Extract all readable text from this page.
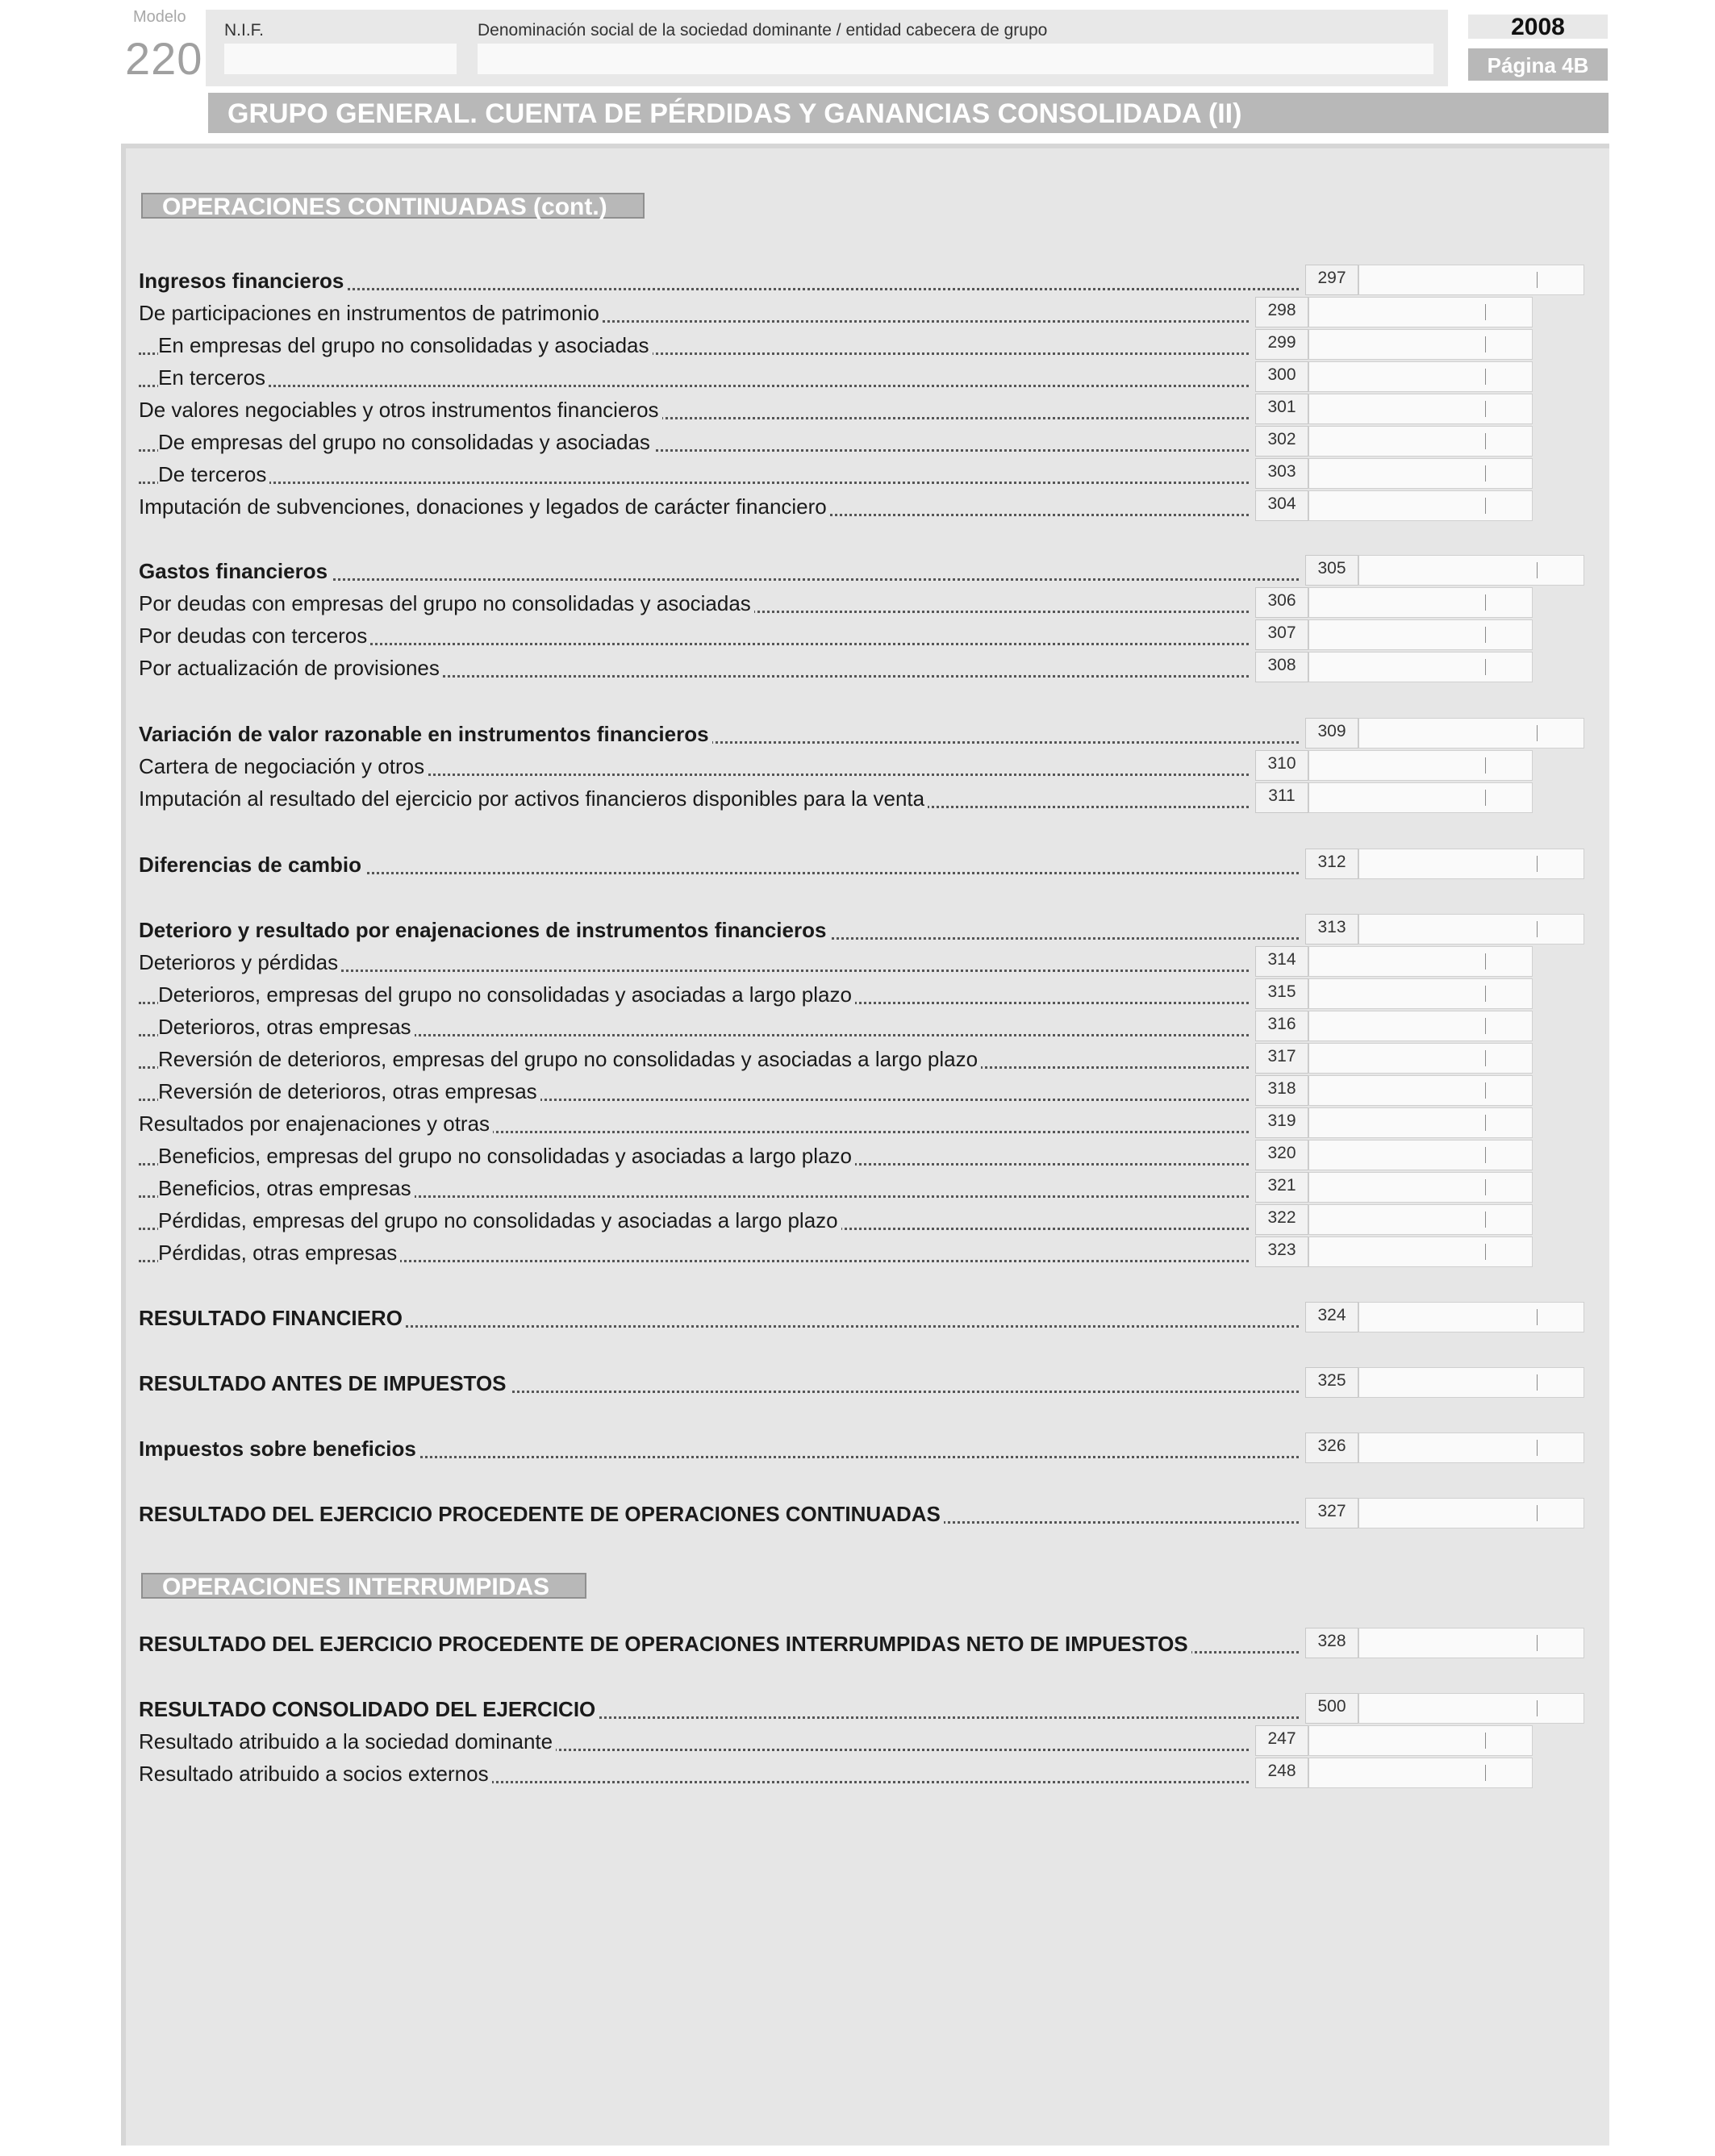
Modelo
220
N.I.F.	Denominación social de la sociedad dominante / entidad cabecera de grupo	2008
Página 4B
GRUPO GENERAL. CUENTA DE PÉRDIDAS Y GANANCIAS CONSOLIDADA (II)
OPERACIONES CONTINUADAS (cont.)
OPERACIONES INTERRUMPIDAS
Ingresos financieros	297
De participaciones en instrumentos de patrimonio	298
En empresas del grupo no consolidadas y asociadas	299
En terceros	300
De valores negociables y otros instrumentos financieros	301
De empresas del grupo no consolidadas y asociadas	302
De terceros	303
Imputación de subvenciones, donaciones y legados de carácter financiero	304
Gastos financieros	305
Por deudas con empresas del grupo no consolidadas y asociadas	306
Por deudas con terceros	307
Por actualización de provisiones	308
Variación de valor razonable en instrumentos financieros	309
Cartera de negociación y otros	310
Imputación al resultado del ejercicio por activos financieros disponibles para la venta	311
Diferencias de cambio	312
Deterioro y resultado por enajenaciones de instrumentos financieros	313
Deterioros y pérdidas	314
Deterioros, empresas del grupo no consolidadas y asociadas a largo plazo	315
Deterioros, otras empresas	316
Reversión de deterioros, empresas del grupo no consolidadas y asociadas a largo plazo	317
Reversión de deterioros, otras empresas	318
Resultados por enajenaciones y otras	319
Beneficios, empresas del grupo no consolidadas y asociadas a largo plazo	320
Beneficios, otras empresas	321
Pérdidas, empresas del grupo no consolidadas y asociadas a largo plazo	322
Pérdidas, otras empresas	323
RESULTADO FINANCIERO	324
RESULTADO ANTES DE IMPUESTOS	325
Impuestos sobre beneficios	326
RESULTADO DEL EJERCICIO PROCEDENTE DE OPERACIONES CONTINUADAS	327
RESULTADO DEL EJERCICIO PROCEDENTE DE OPERACIONES INTERRUMPIDAS NETO DE IMPUESTOS	328
RESULTADO CONSOLIDADO DEL EJERCICIO	500
Resultado atribuido a la sociedad dominante	247
Resultado atribuido a socios externos	248
